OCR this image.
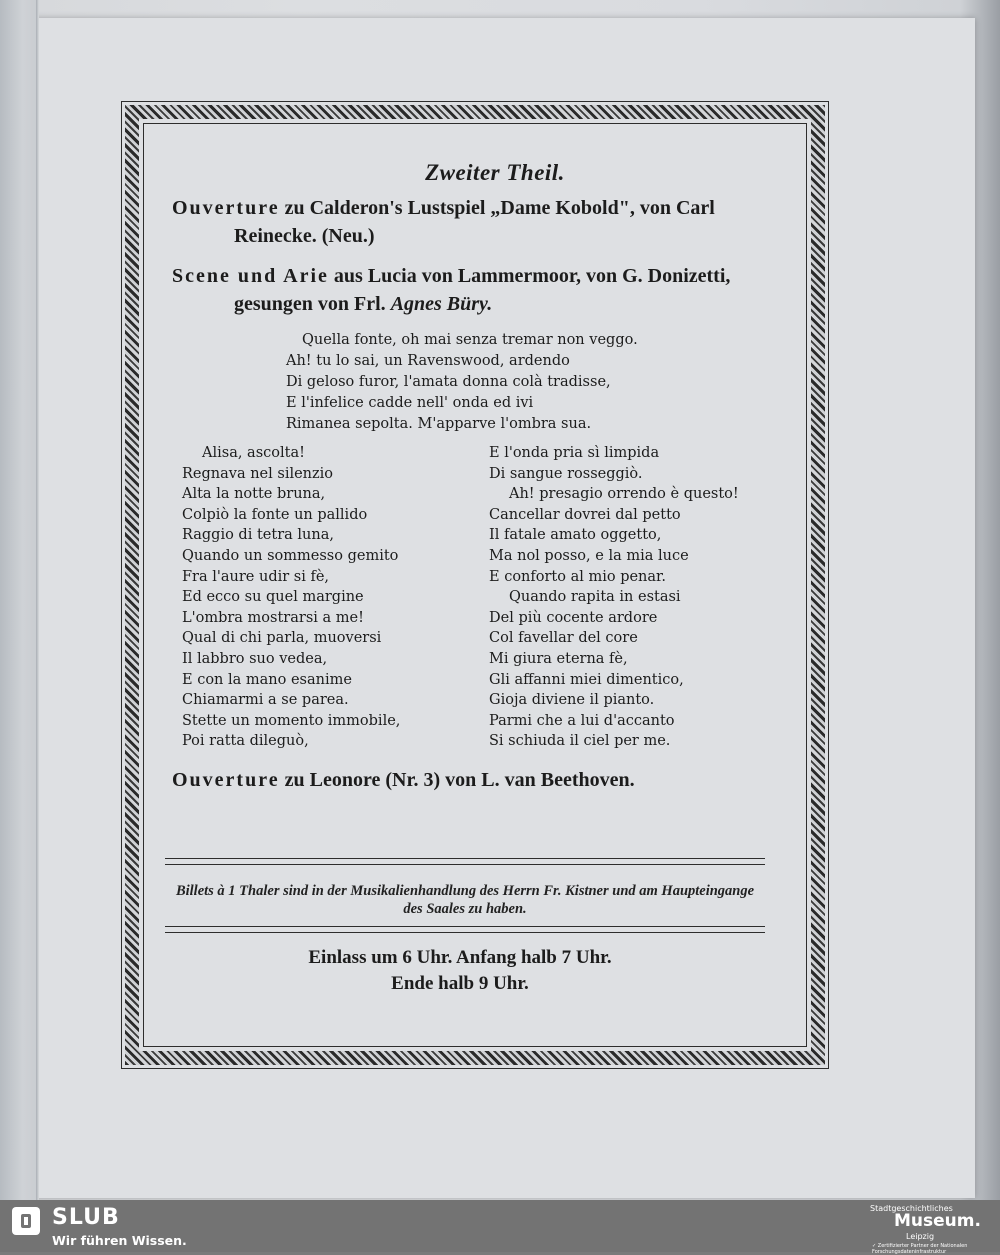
Zweiter Theil.
Ouverture zu Calderon's Lustspiel „Dame Kobold", von Carl Reinecke. (Neu.)
Scene und Arie aus Lucia von Lammermoor, von G. Donizetti, gesungen von Frl. Agnes Büry.
Quella fonte, oh mai senza tremar non veggo.
Ah! tu lo sai, un Ravenswood, ardendo
Di geloso furor, l'amata donna colà tradisse,
E l'infelice cadde nell' onda ed ivi
Rimanea sepolta. M'apparve l'ombra sua.
Alisa, ascolta!
Regnava nel silenzio
Alta la notte bruna,
Colpiò la fonte un pallido
Raggio di tetra luna,
Quando un sommesso gemito
Fra l'aure udir si fè,
Ed ecco su quel margine
L'ombra mostrarsi a me!
Qual di chi parla, muoversi
Il labbro suo vedea,
E con la mano esanime
Chiamarmi a se parea.
Stette un momento immobile,
Poi ratta dileguò,
E l'onda pria sì limpida
Di sangue rosseggiò.
Ah! presagio orrendo è questo!
Cancellar dovrei dal petto
Il fatale amato oggetto,
Ma nol posso, e la mia luce
E conforto al mio penar.
Quando rapita in estasi
Del più cocente ardore
Col favellar del core
Mi giura eterna fè,
Gli affanni miei dimentico,
Gioja diviene il pianto.
Parmi che a lui d'accanto
Si schiuda il ciel per me.
Ouverture zu Leonore (Nr. 3) von L. van Beethoven.
Billets à 1 Thaler sind in der Musikalienhandlung des Herrn Fr. Kistner und am Haupteingange des Saales zu haben.
Einlass um 6 Uhr. Anfang halb 7 Uhr.
Ende halb 9 Uhr.
SLUB
Wir führen Wissen.
Stadtgeschichtliches
Museum.
Leipzig
✓ Zertifizierter Partner der Nationalen Forschungsdateninfrastruktur
